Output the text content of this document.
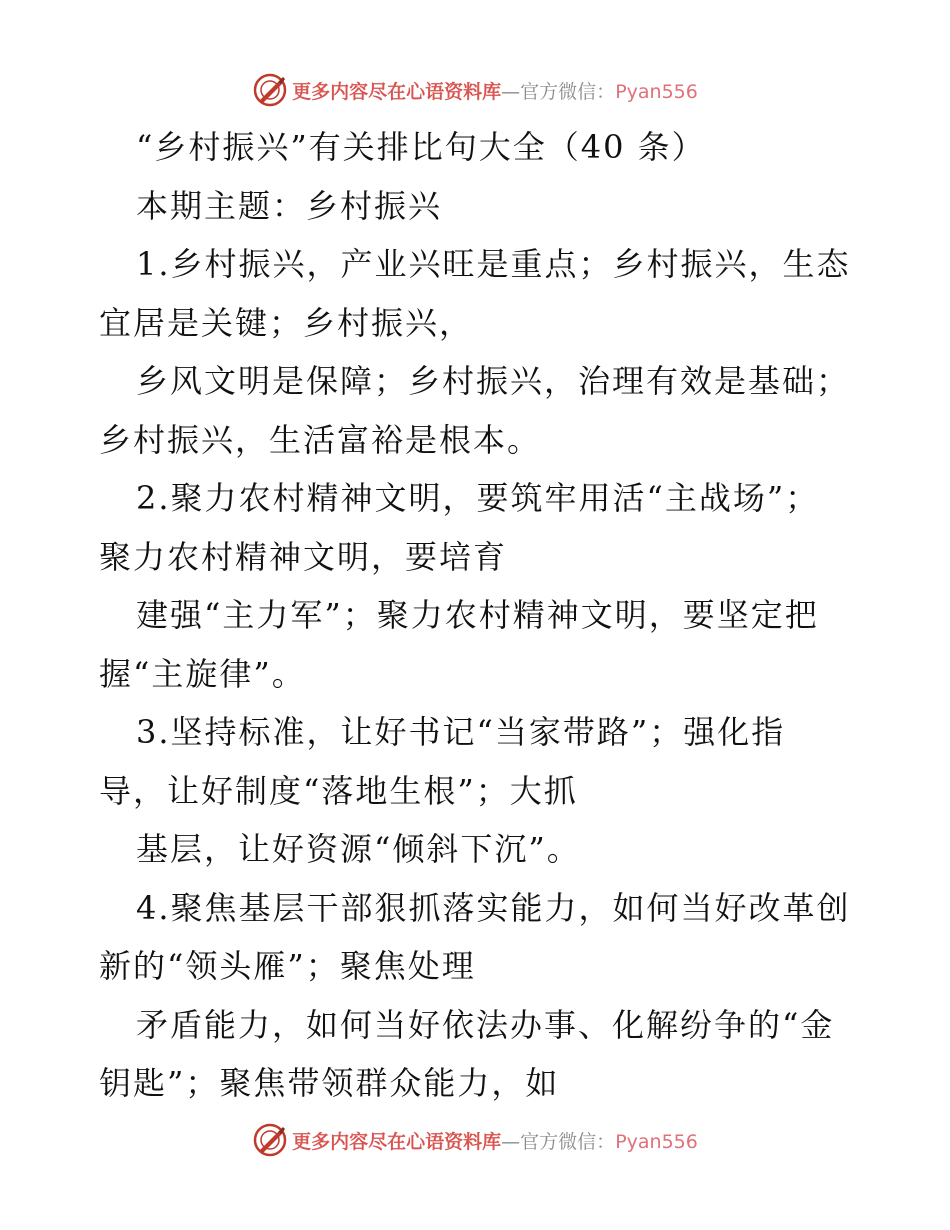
更多内容尽在心语资料库—官方微信：Pyan556
“乡村振兴”有关排比句大全（40 条）
本期主题：乡村振兴
1.乡村振兴，产业兴旺是重点；乡村振兴，生态
宜居是关键；乡村振兴，
乡风文明是保障；乡村振兴，治理有效是基础；
乡村振兴，生活富裕是根本。
2.聚力农村精神文明，要筑牢用活“主战场”；
聚力农村精神文明，要培育
建强“主力军”；聚力农村精神文明，要坚定把
握“主旋律”。
3.坚持标准，让好书记“当家带路”；强化指
导，让好制度“落地生根”；大抓
基层，让好资源“倾斜下沉”。
4.聚焦基层干部狠抓落实能力，如何当好改革创
新的“领头雁”；聚焦处理
矛盾能力，如何当好依法办事、化解纷争的“金
钥匙”；聚焦带领群众能力，如
更多内容尽在心语资料库—官方微信：Pyan556
